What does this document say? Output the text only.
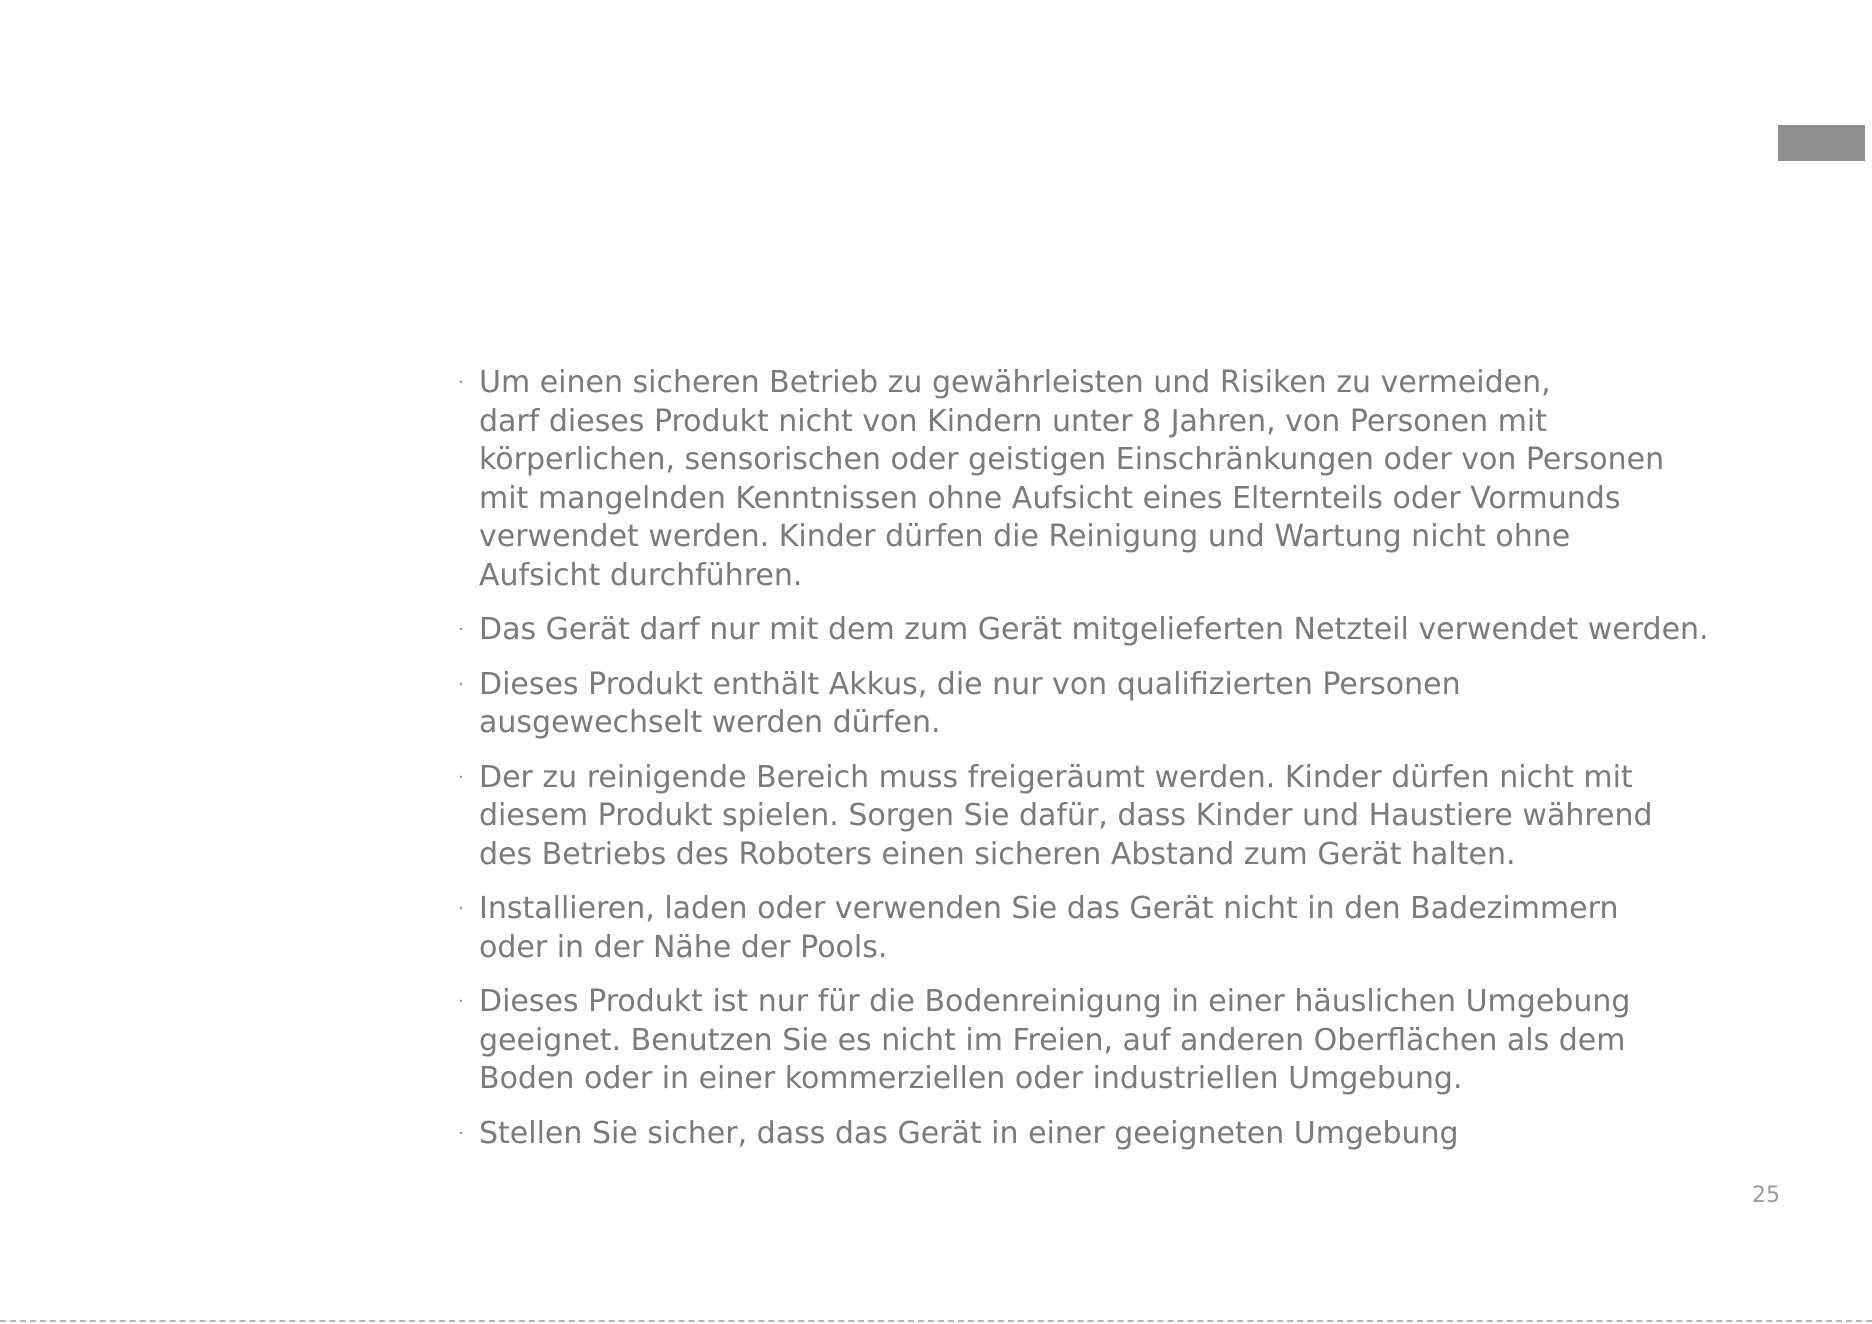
· Um einen sicheren Betrieb zu gewährleisten und Risiken zu vermeiden,
darf dieses Produkt nicht von Kindern unter 8 Jahren, von Personen mit
körperlichen, sensorischen oder geistigen Einschränkungen oder von Personen
mit mangelnden Kenntnissen ohne Aufsicht eines Elternteils oder Vormunds
verwendet werden. Kinder dürfen die Reinigung und Wartung nicht ohne
Aufsicht durchführen.
· Das Gerät darf nur mit dem zum Gerät mitgelieferten Netzteil verwendet werden.
· Dieses Produkt enthält Akkus, die nur von qualifizierten Personen
ausgewechselt werden dürfen.
· Der zu reinigende Bereich muss freigeräumt werden. Kinder dürfen nicht mit
diesem Produkt spielen. Sorgen Sie dafür, dass Kinder und Haustiere während
des Betriebs des Roboters einen sicheren Abstand zum Gerät halten.
· Installieren, laden oder verwenden Sie das Gerät nicht in den Badezimmern
oder in der Nähe der Pools.
· Dieses Produkt ist nur für die Bodenreinigung in einer häuslichen Umgebung
geeignet. Benutzen Sie es nicht im Freien, auf anderen Oberflächen als dem
Boden oder in einer kommerziellen oder industriellen Umgebung.
· Stellen Sie sicher, dass das Gerät in einer geeigneten Umgebung
25
